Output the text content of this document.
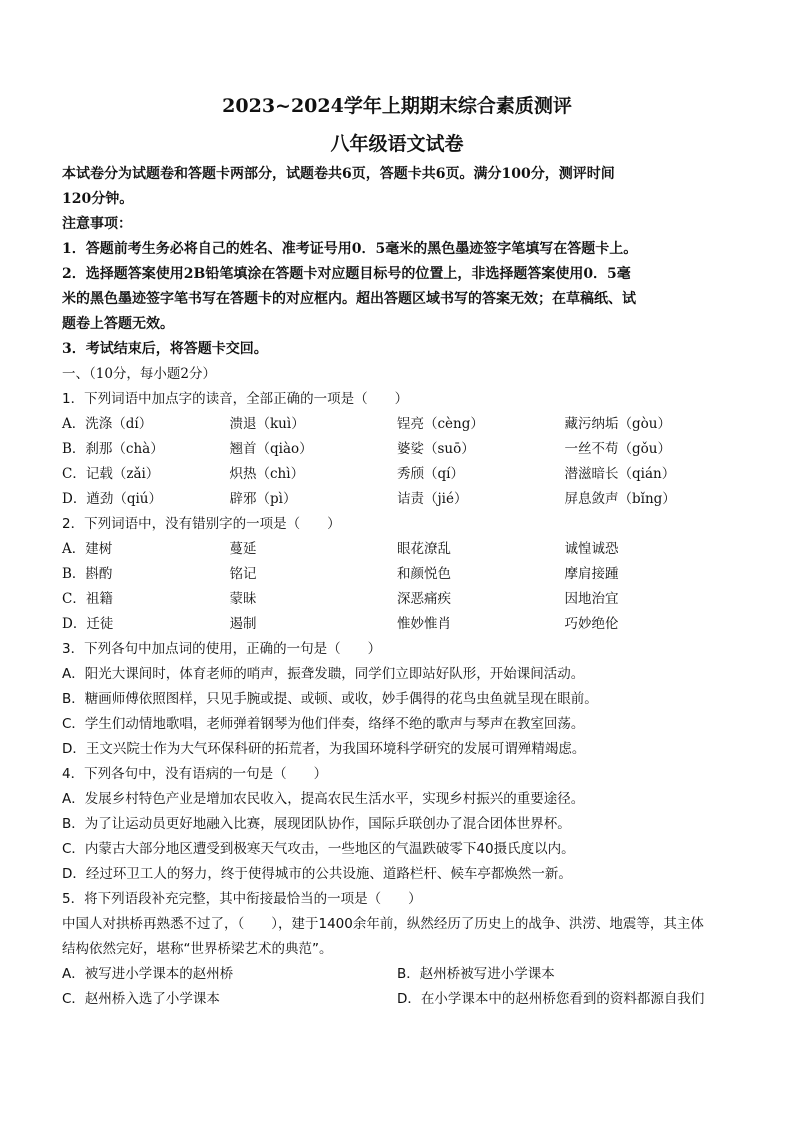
2023~2024学年上期期末综合素质测评
八年级语文试卷

本试卷分为试题卷和答题卡两部分，试题卷共6页，答题卡共6页。满分100分，测评时间

120分钟。

注意事项：

1．答题前考生务必将自己的姓名、准考证号用0．5毫米的黑色墨迹签字笔填写在答题卡上。

2．选择题答案使用2B铅笔填涂在答题卡对应题目标号的位置上，非选择题答案使用0．5毫

米的黑色墨迹签字笔书写在答题卡的对应框内。超出答题区域书写的答案无效；在草稿纸、试

题卷上答题无效。

3．考试结束后，将答题卡交回。

一、（10分，每小题2分）

1．下列词语中加点字的读音，全部正确的一项是（　　）

A．洗涤（dí）	溃退（kuì）	锃亮（cèng）	藏污纳垢（gòu）
B．刹那（chà）	翘首（qiào）	婆娑（suō）	一丝不苟（gǒu）
C．记载（zǎi）	炽热（chì）	秀颀（qí）	潜滋暗长（qián）
D．遒劲（qiú）	辟邪（pì）	诘责（jié）	屏息敛声（bǐng）

2．下列词语中，没有错别字的一项是（　　）

A．建树	蔓延	眼花潦乱	诚惶诚恐
B．斟酌	铭记	和颜悦色	摩肩接踵
C．祖籍	蒙昧	深恶痛疾	因地治宜
D．迁徒	遏制	惟妙惟肖	巧妙绝伦

3．下列各句中加点词的使用，正确的一句是（　　）

A．阳光大课间时，体育老师的哨声，振聋发聩，同学们立即站好队形，开始课间活动。

B．糖画师傅依照图样，只见手腕或提、或顿、或收，妙手偶得的花鸟虫鱼就呈现在眼前。

C．学生们动情地歌唱，老师弹着钢琴为他们伴奏，络绎不绝的歌声与琴声在教室回荡。

D．王文兴院士作为大气环保科研的拓荒者，为我国环境科学研究的发展可谓殚精竭虑。

4．下列各句中，没有语病的一句是（　　）

A．发展乡村特色产业是增加农民收入，提高农民生活水平，实现乡村振兴的重要途径。

B．为了让运动员更好地融入比赛，展现团队协作，国际乒联创办了混合团体世界杯。

C．内蒙古大部分地区遭受到极寒天气攻击，一些地区的气温跌破零下40摄氏度以内。

D．经过环卫工人的努力，终于使得城市的公共设施、道路栏杆、候车亭都焕然一新。

5．将下列语段补充完整，其中衔接最恰当的一项是（　　）

中国人对拱桥再熟悉不过了，（　　），建于1400余年前，纵然经历了历史上的战争、洪涝、地震等，其主体

结构依然完好，堪称“世界桥梁艺术的典范”。

A．被写进小学课本的赵州桥	B．赵州桥被写进小学课本
C．赵州桥入选了小学课本	D．在小学课本中的赵州桥您看到的资料都源自我们
